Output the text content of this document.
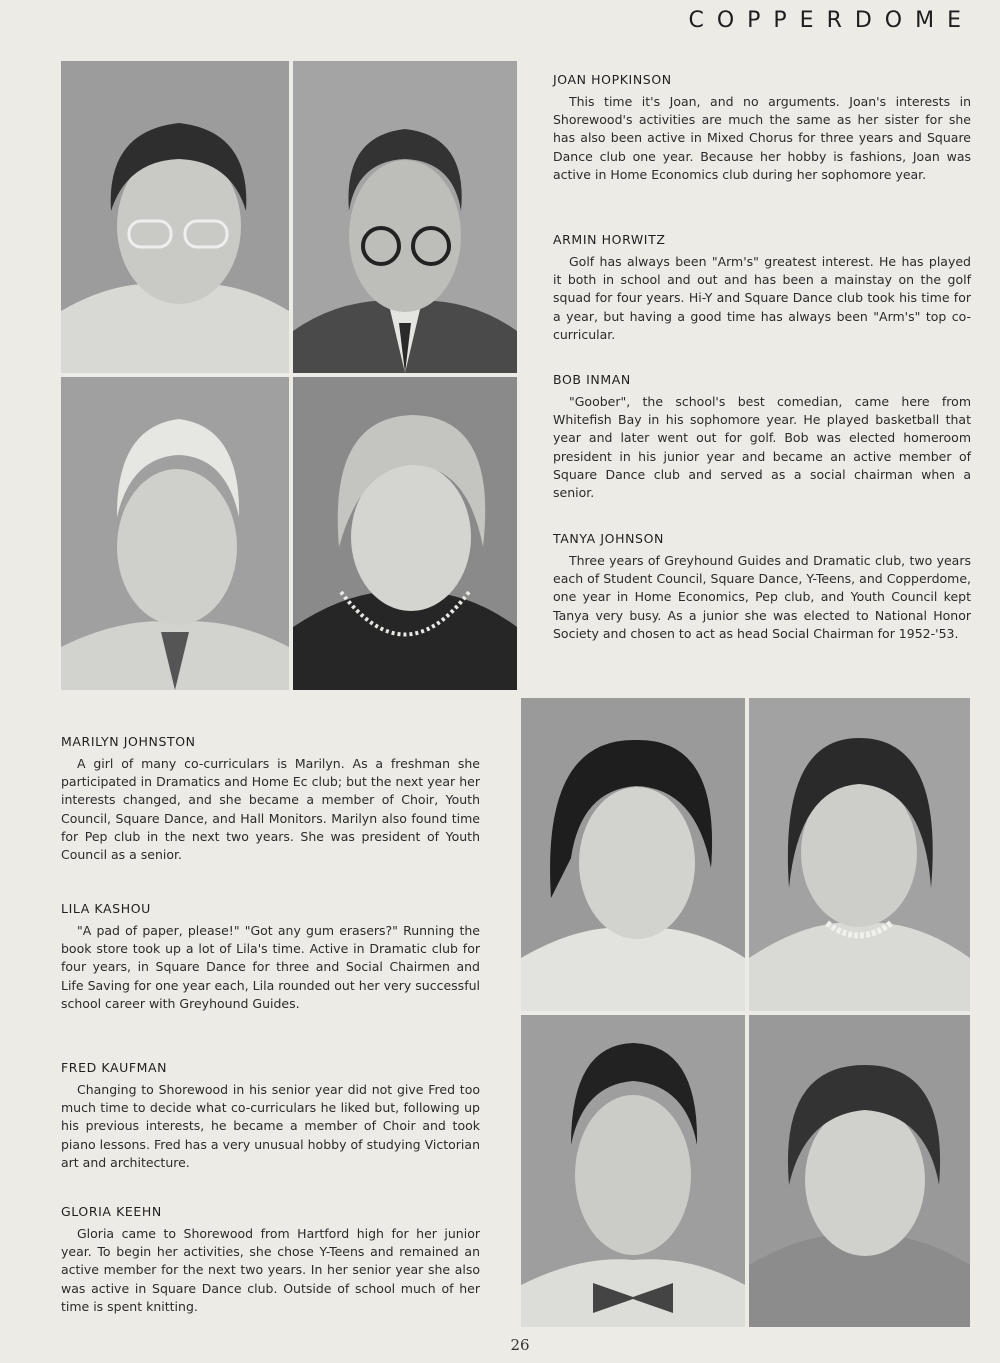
COPPERDOME
JOAN HOPKINSON
This time it's Joan, and no arguments. Joan's interests in Shorewood's activities are much the same as her sister for she has also been active in Mixed Chorus for three years and Square Dance club one year. Because her hobby is fashions, Joan was active in Home Economics club during her sophomore year.
ARMIN HORWITZ
Golf has always been "Arm's" greatest interest. He has played it both in school and out and has been a mainstay on the golf squad for four years. Hi-Y and Square Dance club took his time for a year, but having a good time has always been "Arm's" top co-curricular.
BOB INMAN
"Goober", the school's best comedian, came here from Whitefish Bay in his sophomore year. He played basketball that year and later went out for golf. Bob was elected homeroom president in his junior year and became an active member of Square Dance club and served as a social chairman when a senior.
TANYA JOHNSON
Three years of Greyhound Guides and Dramatic club, two years each of Student Council, Square Dance, Y-Teens, and Copperdome, one year in Home Economics, Pep club, and Youth Council kept Tanya very busy. As a junior she was elected to National Honor Society and chosen to act as head Social Chairman for 1952-'53.
MARILYN JOHNSTON
A girl of many co-curriculars is Marilyn. As a freshman she participated in Dramatics and Home Ec club; but the next year her interests changed, and she became a member of Choir, Youth Council, Square Dance, and Hall Monitors. Marilyn also found time for Pep club in the next two years. She was president of Youth Council as a senior.
LILA KASHOU
"A pad of paper, please!" "Got any gum erasers?" Running the book store took up a lot of Lila's time. Active in Dramatic club for four years, in Square Dance for three and Social Chairmen and Life Saving for one year each, Lila rounded out her very successful school career with Greyhound Guides.
FRED KAUFMAN
Changing to Shorewood in his senior year did not give Fred too much time to decide what co-curriculars he liked but, following up his previous interests, he became a member of Choir and took piano lessons. Fred has a very unusual hobby of studying Victorian art and architecture.
GLORIA KEEHN
Gloria came to Shorewood from Hartford high for her junior year. To begin her activities, she chose Y-Teens and remained an active member for the next two years. In her senior year she also was active in Square Dance club. Outside of school much of her time is spent knitting.
26
